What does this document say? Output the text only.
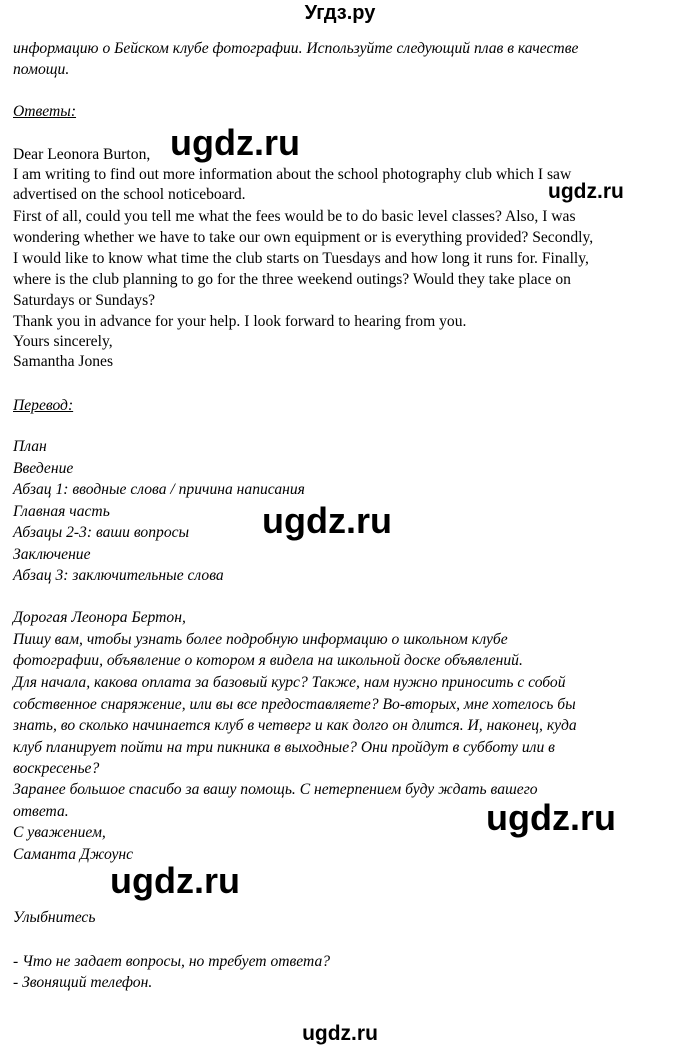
Угдз.ру
информацию о Бейском клубе фотографии. Используйте следующий плав в качестве
помощи.
Ответы:
Dear Leonora Burton,
I am writing to find out more information about the school photography club which I saw
advertised on the school noticeboard.
First of all, could you tell me what the fees would be to do basic level classes? Also, I was
wondering whether we have to take our own equipment or is everything provided? Secondly,
I would like to know what time the club starts on Tuesdays and how long it runs for. Finally,
where is the club planning to go for the three weekend outings? Would they take place on
Saturdays or Sundays?
Thank you in advance for your help. I look forward to hearing from you.
Yours sincerely,
Samantha Jones
Перевод:
План
Введение
Абзац 1: вводные слова / причина написания
Главная часть
Абзацы 2-3: ваши вопросы
Заключение
Абзац 3: заключительные слова
Дорогая Леонора Бертон,
Пишу вам, чтобы узнать более подробную информацию о школьном клубе
фотографии, объявление о котором я видела на школьной доске объявлений.
Для начала, какова оплата за базовый курс? Также, нам нужно приносить с собой
собственное снаряжение, или вы все предоставляете? Во-вторых, мне хотелось бы
знать, во сколько начинается клуб в четверг и как долго он длится. И, наконец, куда
клуб планирует пойти на три пикника в выходные? Они пройдут в субботу или в
воскресенье?
Заранее большое спасибо за вашу помощь. С нетерпением буду ждать вашего
ответа.
С уважением,
Саманта Джоунс
Улыбнитесь
- Что не задает вопросы, но требует ответа?
- Звонящий телефон.
ugdz.ru
ugdz.ru
ugdz.ru
ugdz.ru
ugdz.ru
ugdz.ru
